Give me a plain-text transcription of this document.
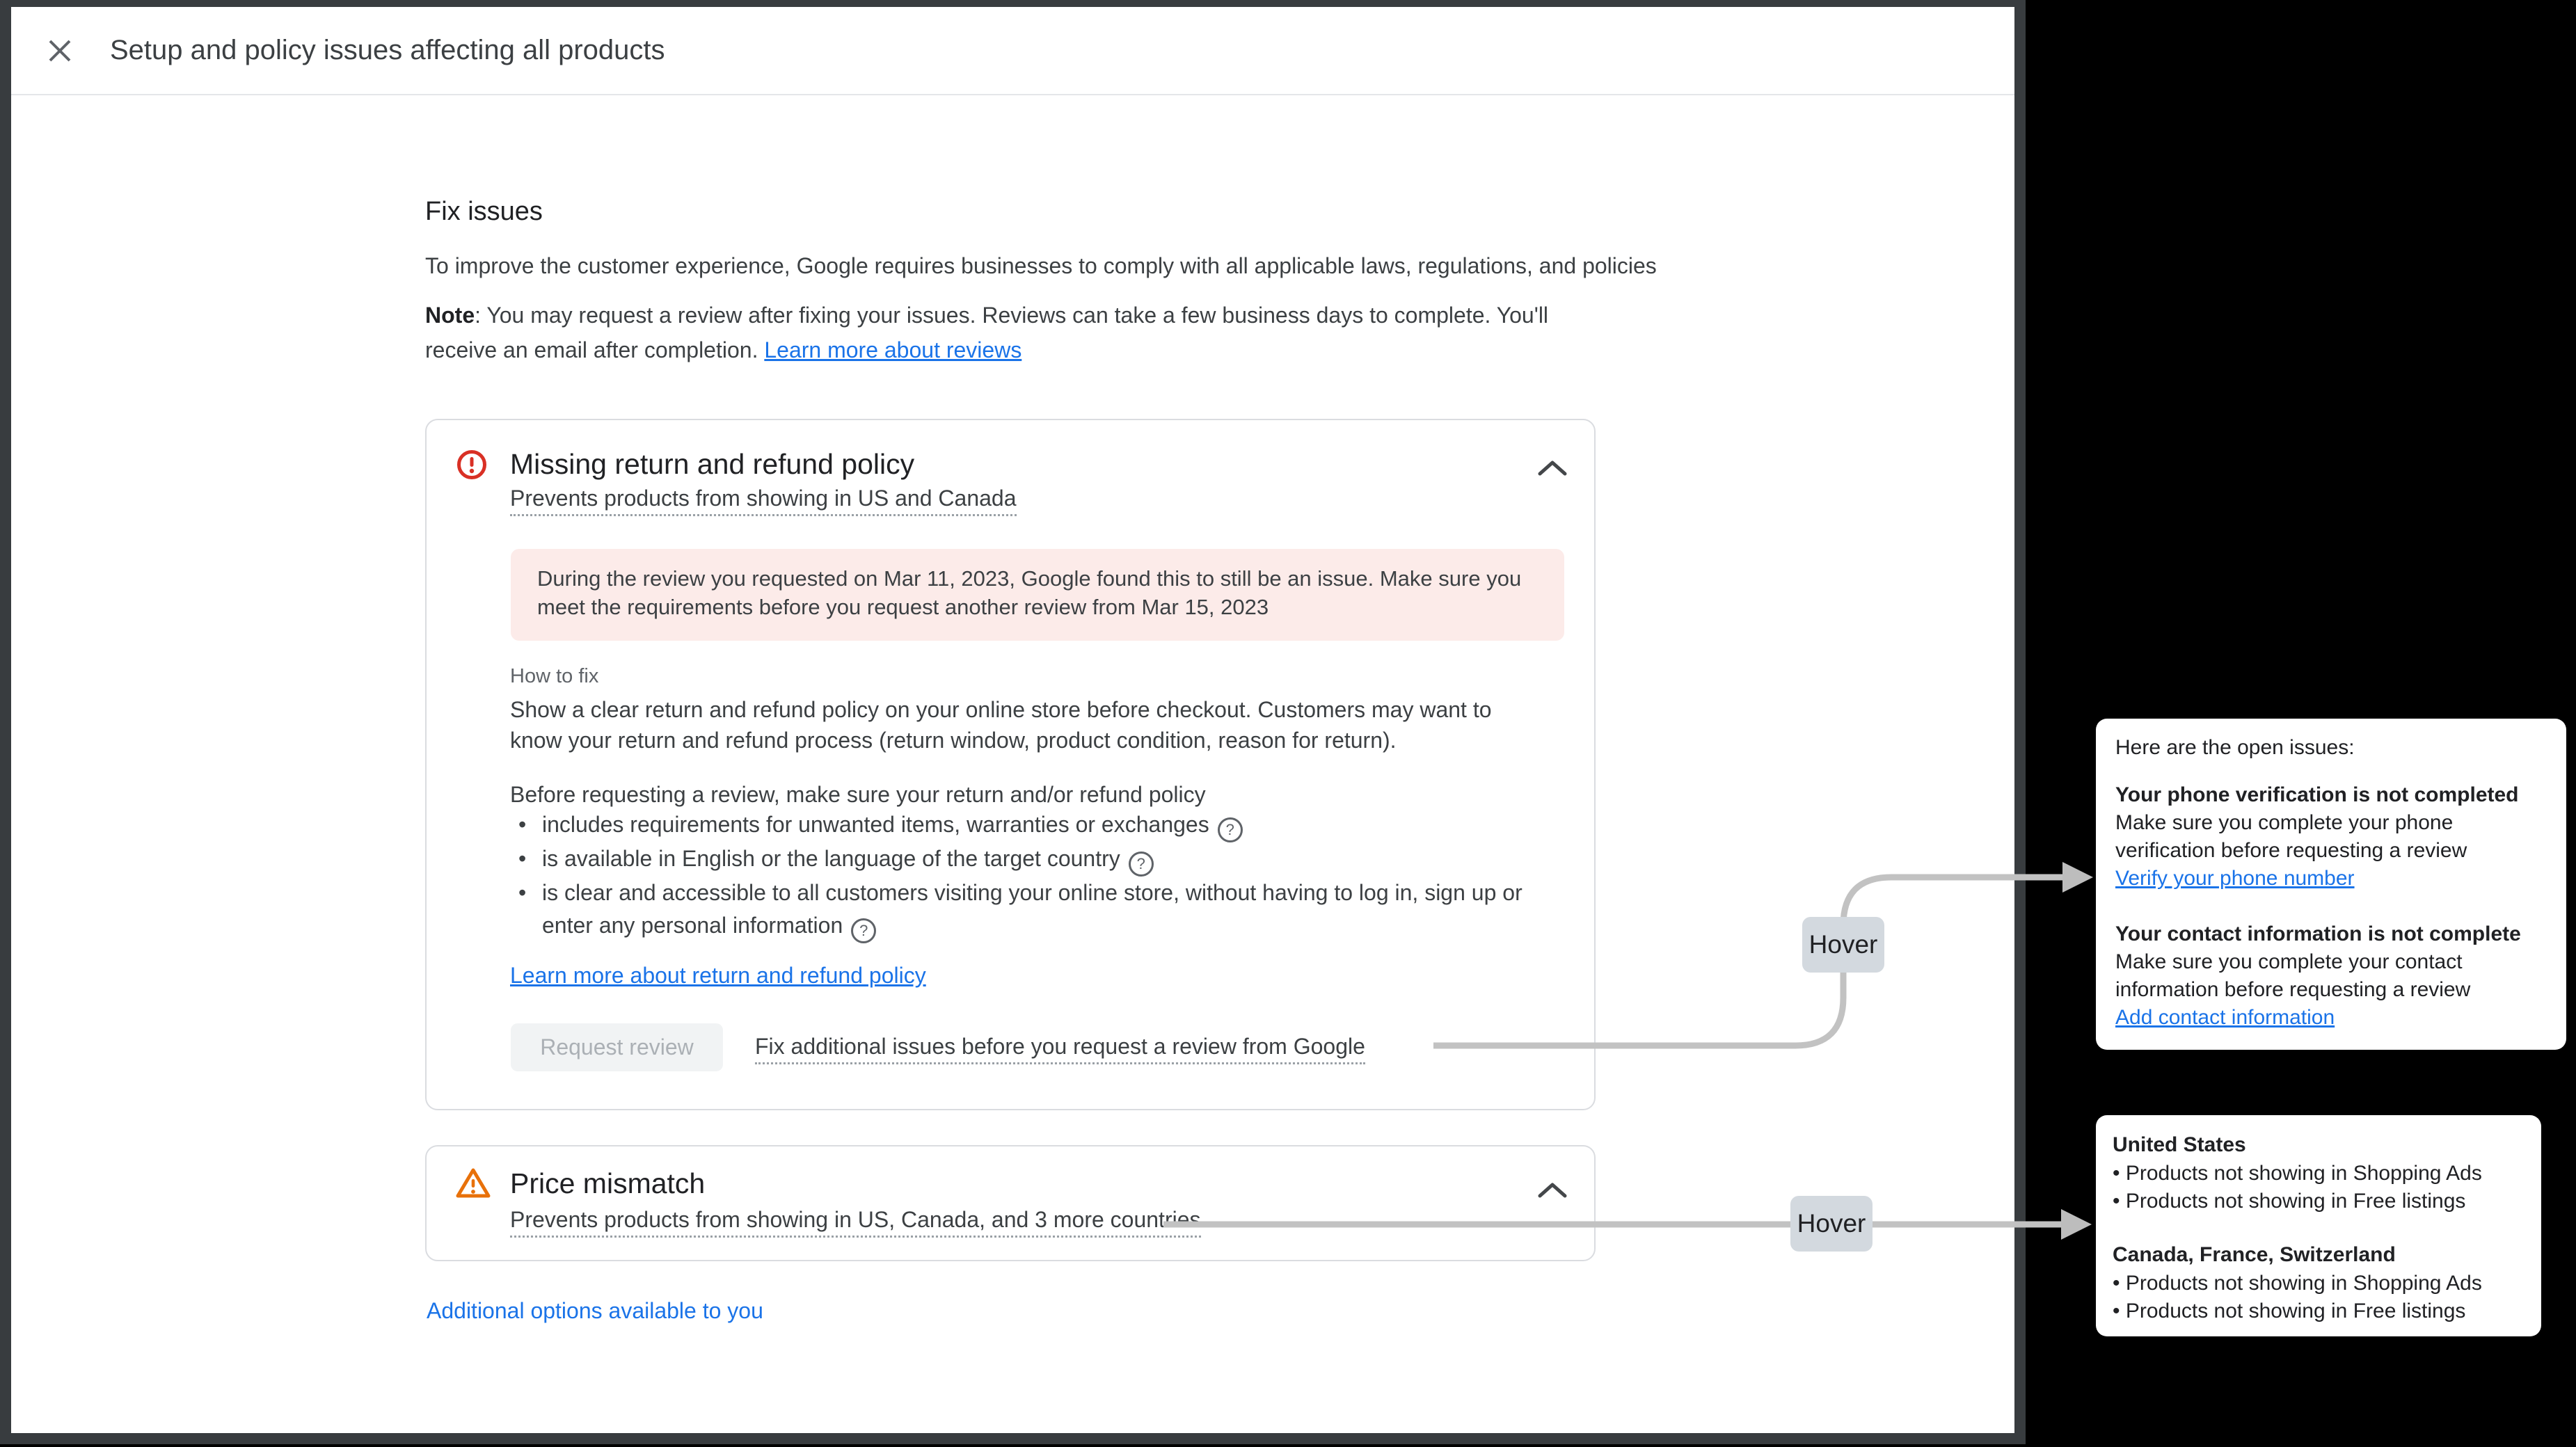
Setup and policy issues affecting all products
Fix issues
To improve the customer experience, Google requires businesses to comply with all applicable laws, regulations, and policies
Note: You may request a review after fixing your issues. Reviews can take a few business days to complete. You'll receive an email after completion. Learn more about reviews
Missing return and refund policy
Prevents products from showing in US and Canada
During the review you requested on Mar 11, 2023, Google found this to still be an issue. Make sure you meet the requirements before you request another review from Mar 15, 2023
How to fix
Show a clear return and refund policy on your online store before checkout. Customers may want to know your return and refund process (return window, product condition, reason for return).
Before requesting a review, make sure your return and/or refund policy
• includes requirements for unwanted items, warranties or exchanges ?
• is available in English or the language of the target country ?
• is clear and accessible to all customers visiting your online store, without having to log in, sign up or enter any personal information ?
Learn more about return and refund policy
Request review	Fix additional issues before you request a review from Google
Price mismatch
Prevents products from showing in US, Canada, and 3 more countries
Additional options available to you
Hover
Hover
Here are the open issues:
Your phone verification is not completed
Make sure you complete your phone verification before requesting a review
Verify your phone number
Your contact information is not complete
Make sure you complete your contact information before requesting a review
Add contact information
United States
• Products not showing in Shopping Ads
• Products not showing in Free listings
Canada, France, Switzerland
• Products not showing in Shopping Ads
• Products not showing in Free listings
